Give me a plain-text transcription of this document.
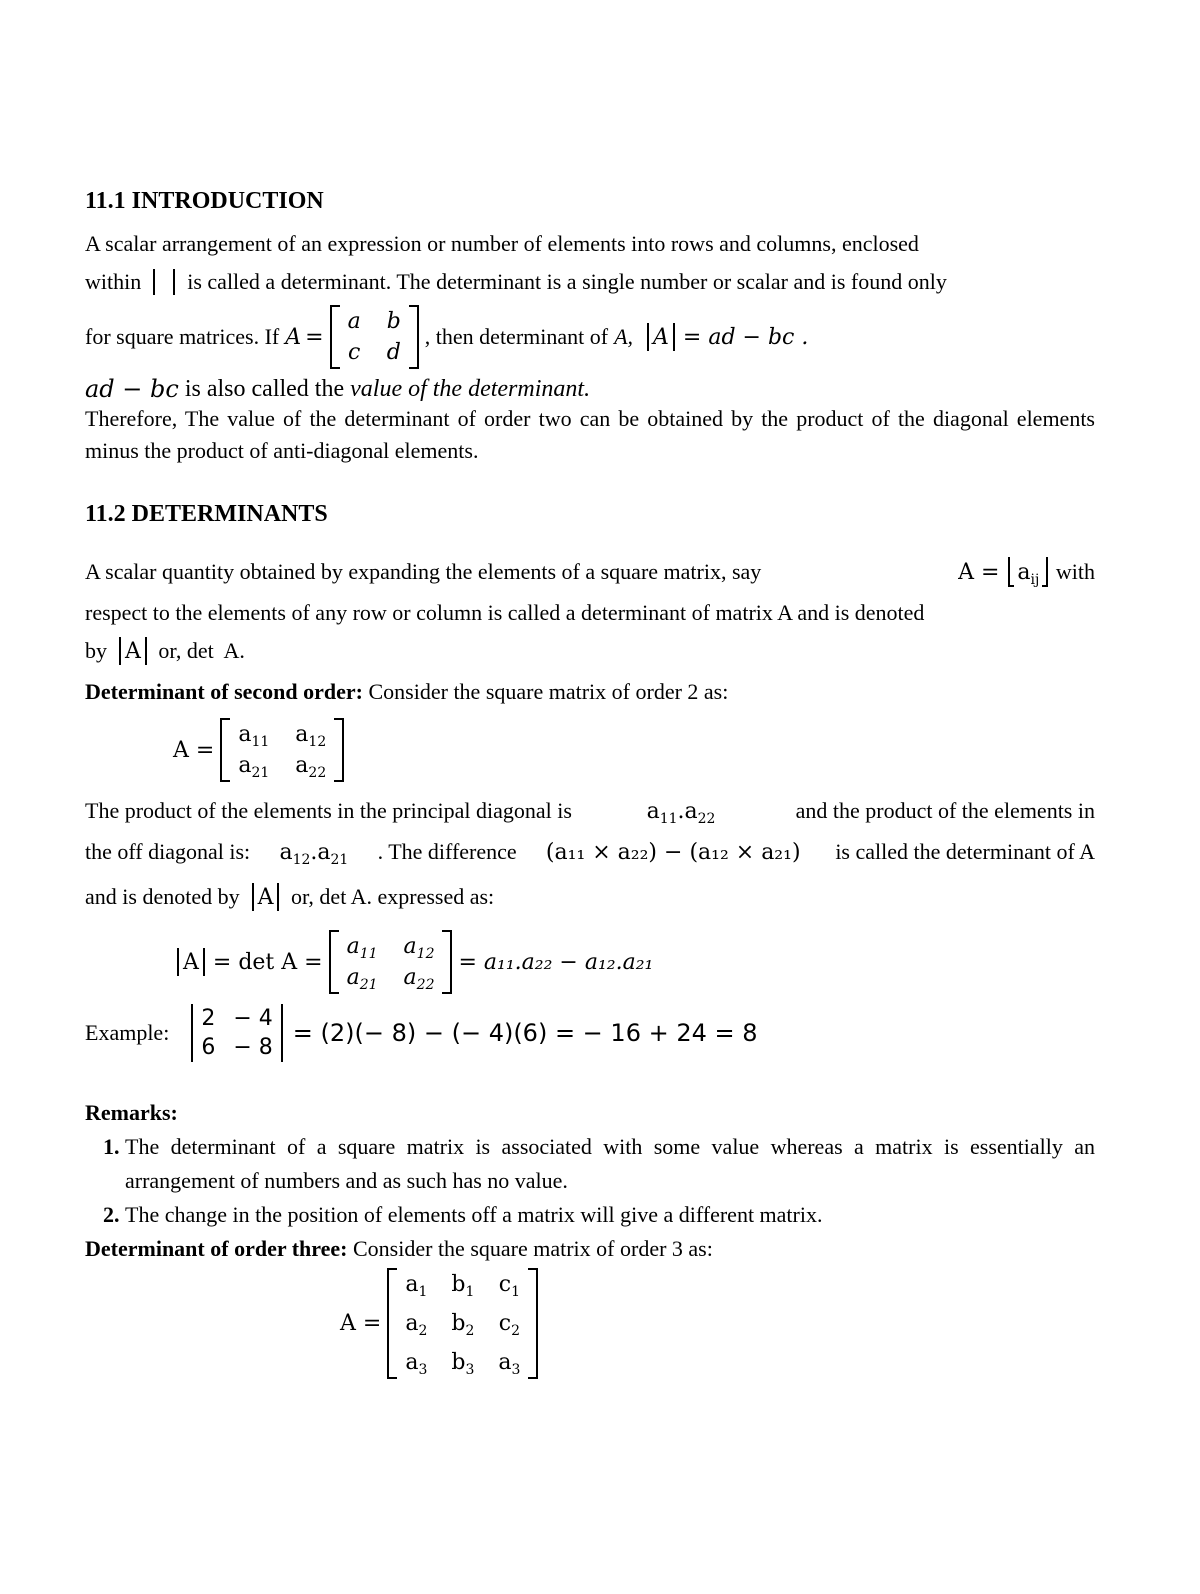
11.1 INTRODUCTION

A scalar arrangement of an expression or number of elements into rows and columns, enclosed

within is called a determinant. The determinant is a single number or scalar and is found only
for square matrices. If A =
a b
c d
, then determinant of A, A = ad − bc .
ad − bc is also called the value of the determinant.

Therefore, The value of the determinant of order two can be obtained by the product of the diagonal elements minus the product of anti-diagonal elements.

11.2 DETERMINANTS
A scalar quantity obtained by expanding the elements of a square matrix, say	$A = a_{ij}$ with

respect to the elements of any row or column is called a determinant of matrix A and is denoted

by A or, det  A.
Determinant of second order: Consider the square matrix of order 2 as:
A =
$a_{11}$ $a_{12}$
$a_{21}$ $a_{22}$
The product of the elements in the principal diagonal is	$a_{11}.a_{22}$	and the product of the elements in
the off diagonal is: $a_{12}.a_{21}$ . The difference (a₁₁ × a₂₂) − (a₁₂ × a₂₁) is called the determinant of A
and is denoted by A or, det A. expressed as:
A = det A =
$a_{11}$ $a_{12}$
$a_{21}$ $a_{22}$
= a₁₁.a₂₂ − a₁₂.a₂₁
Example:
2 − 4
6 − 8
= (2)(− 8) − (− 4)(6) = − 16 + 24 = 8
Remarks:
1. The determinant of a square matrix is associated with some value whereas a matrix is essentially an arrangement of numbers and as such has no value.
2. The change in the position of elements off a matrix will give a different matrix.
Determinant of order three: Consider the square matrix of order 3 as:
A =
$a_1$ $b_1$ $c_1$
$a_2$ $b_2$ $c_2$
$a_3$ $b_3$ $a_3$
